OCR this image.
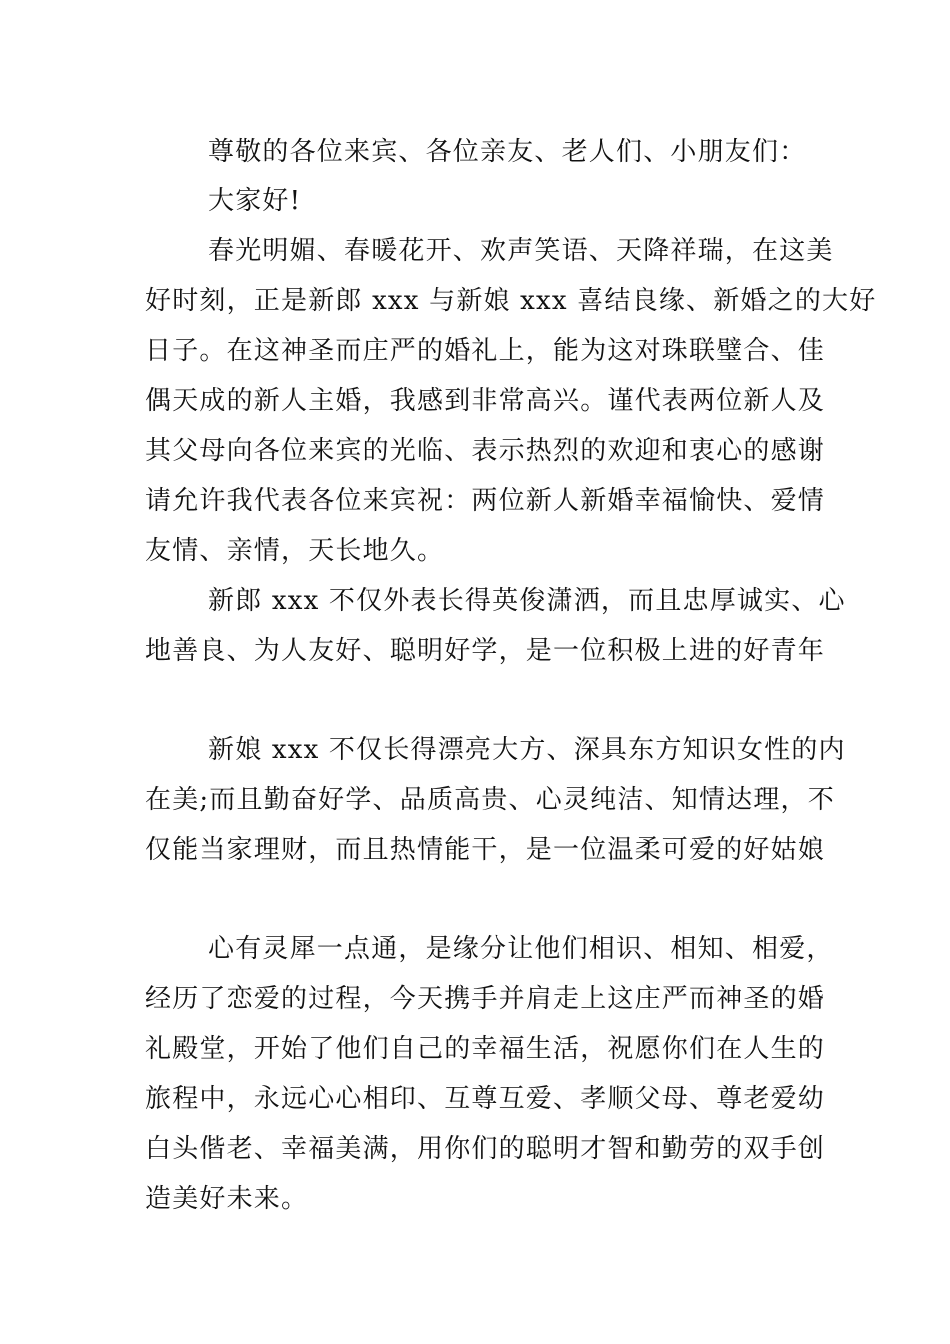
尊敬的各位来宾、各位亲友、老人们、小朋友们：
大家好!
春光明媚、春暖花开、欢声笑语、天降祥瑞，在这美
好时刻，正是新郎 xxx 与新娘 xxx 喜结良缘、新婚之的大好
日子。在这神圣而庄严的婚礼上，能为这对珠联璧合、佳
偶天成的新人主婚，我感到非常高兴。谨代表两位新人及
其父母向各位来宾的光临、表示热烈的欢迎和衷心的感谢
请允许我代表各位来宾祝：两位新人新婚幸福愉快、爱情
友情、亲情，天长地久。
新郎 xxx 不仅外表长得英俊潇洒，而且忠厚诚实、心
地善良、为人友好、聪明好学，是一位积极上进的好青年
新娘 xxx 不仅长得漂亮大方、深具东方知识女性的内
在美;而且勤奋好学、品质高贵、心灵纯洁、知情达理，不
仅能当家理财，而且热情能干，是一位温柔可爱的好姑娘
心有灵犀一点通，是缘分让他们相识、相知、相爱，
经历了恋爱的过程，今天携手并肩走上这庄严而神圣的婚
礼殿堂，开始了他们自己的幸福生活，祝愿你们在人生的
旅程中，永远心心相印、互尊互爱、孝顺父母、尊老爱幼
白头偕老、幸福美满，用你们的聪明才智和勤劳的双手创
造美好未来。
